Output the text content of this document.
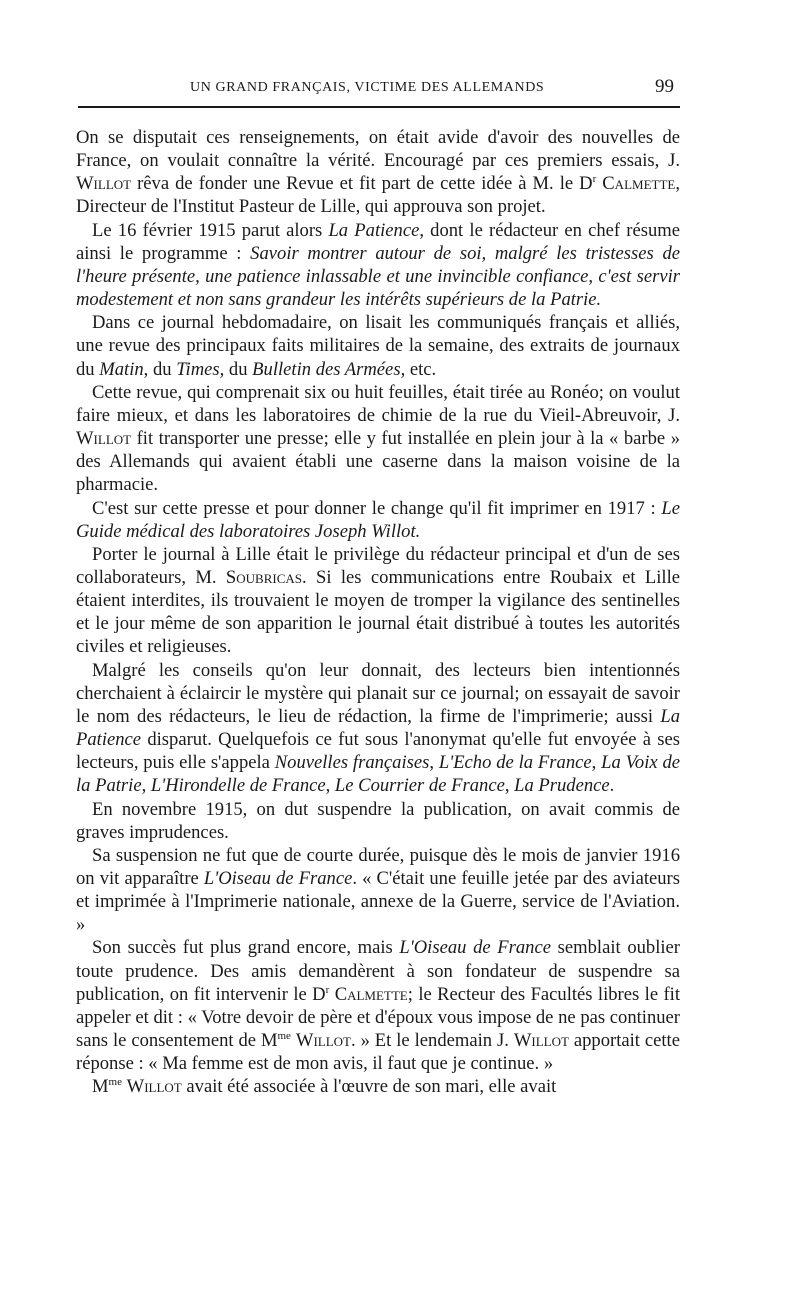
UN GRAND FRANÇAIS, VICTIME DES ALLEMANDS	99

On se disputait ces renseignements, on était avide d'avoir des nouvelles de France, on voulait connaître la vérité. Encouragé par ces premiers essais, J. Willot rêva de fonder une Revue et fit part de cette idée à M. le $D^r$ Calmette, Directeur de l'Institut Pasteur de Lille, qui approuva son projet.

Le 16 février 1915 parut alors La Patience, dont le rédacteur en chef résume ainsi le programme : Savoir montrer autour de soi, malgré les tristesses de l'heure présente, une patience inlassable et une invincible confiance, c'est servir modestement et non sans grandeur les intérêts supérieurs de la Patrie.

Dans ce journal hebdomadaire, on lisait les communiqués français et alliés, une revue des principaux faits militaires de la semaine, des extraits de journaux du Matin, du Times, du Bulletin des Armées, etc.

Cette revue, qui comprenait six ou huit feuilles, était tirée au Ronéo; on voulut faire mieux, et dans les laboratoires de chimie de la rue du Vieil-Abreuvoir, J. Willot fit transporter une presse; elle y fut installée en plein jour à la « barbe » des Allemands qui avaient établi une caserne dans la maison voisine de la pharmacie.

C'est sur cette presse et pour donner le change qu'il fit imprimer en 1917 : Le Guide médical des laboratoires Joseph Willot.

Porter le journal à Lille était le privilège du rédacteur principal et d'un de ses collaborateurs, M. Soubricas. Si les communications entre Roubaix et Lille étaient interdites, ils trouvaient le moyen de tromper la vigilance des sentinelles et le jour même de son apparition le journal était distribué à toutes les autorités civiles et religieuses.

Malgré les conseils qu'on leur donnait, des lecteurs bien intentionnés cherchaient à éclaircir le mystère qui planait sur ce journal; on essayait de savoir le nom des rédacteurs, le lieu de rédaction, la firme de l'imprimerie; aussi La Patience disparut. Quelquefois ce fut sous l'anonymat qu'elle fut envoyée à ses lecteurs, puis elle s'appela Nouvelles françaises, L'Echo de la France, La Voix de la Patrie, L'Hirondelle de France, Le Courrier de France, La Prudence.

En novembre 1915, on dut suspendre la publication, on avait commis de graves imprudences.

Sa suspension ne fut que de courte durée, puisque dès le mois de janvier 1916 on vit apparaître L'Oiseau de France. « C'était une feuille jetée par des aviateurs et imprimée à l'Imprimerie nationale, annexe de la Guerre, service de l'Aviation. »

Son succès fut plus grand encore, mais L'Oiseau de France semblait oublier toute prudence. Des amis demandèrent à son fondateur de suspendre sa publication, on fit intervenir le $D^r$ Calmette; le Recteur des Facultés libres le fit appeler et dit : « Votre devoir de père et d'époux vous impose de ne pas continuer sans le consentement de $M^{me}$ Willot. » Et le lendemain J. Willot apportait cette réponse : « Ma femme est de mon avis, il faut que je continue. »

$M^{me}$ Willot avait été associée à l'œuvre de son mari, elle avait
